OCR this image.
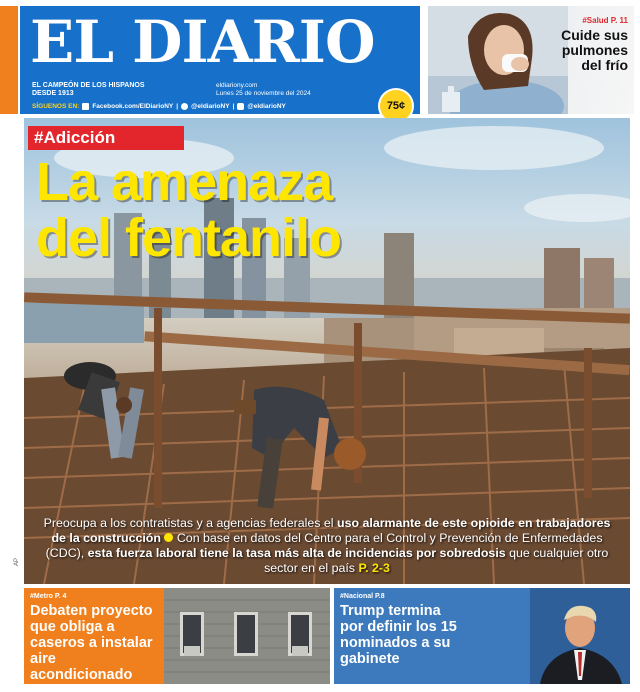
EL DIARIO
EL CAMPEÓN DE LOS HISPANOS
DESDE 1913
eldiariony.com
Lunes 25 de noviembre del 2024
SÍGUENOS EN: Facebook.com/ElDiarioNY | @eldiarioNY | @eldiarioNY	75¢
#Salud P. 11
Cuide sus pulmones del frío
AP
#Adicción
La amenaza
del fentanilo
Preocupa a los contratistas y a agencias federales el uso alarmante de este opioide en trabajadores de la construcción  Con base en datos del Centro para el Control y Prevención de Enfermedades (CDC), esta fuerza laboral tiene la tasa más alta de incidencias por sobredosis que cualquier otro sector en el país P. 2-3
#Metro P. 4
Debaten proyecto que obliga a caseros a instalar aire acondicionado
#Nacional P.8
Trump termina por definir los 15 nominados a su gabinete
